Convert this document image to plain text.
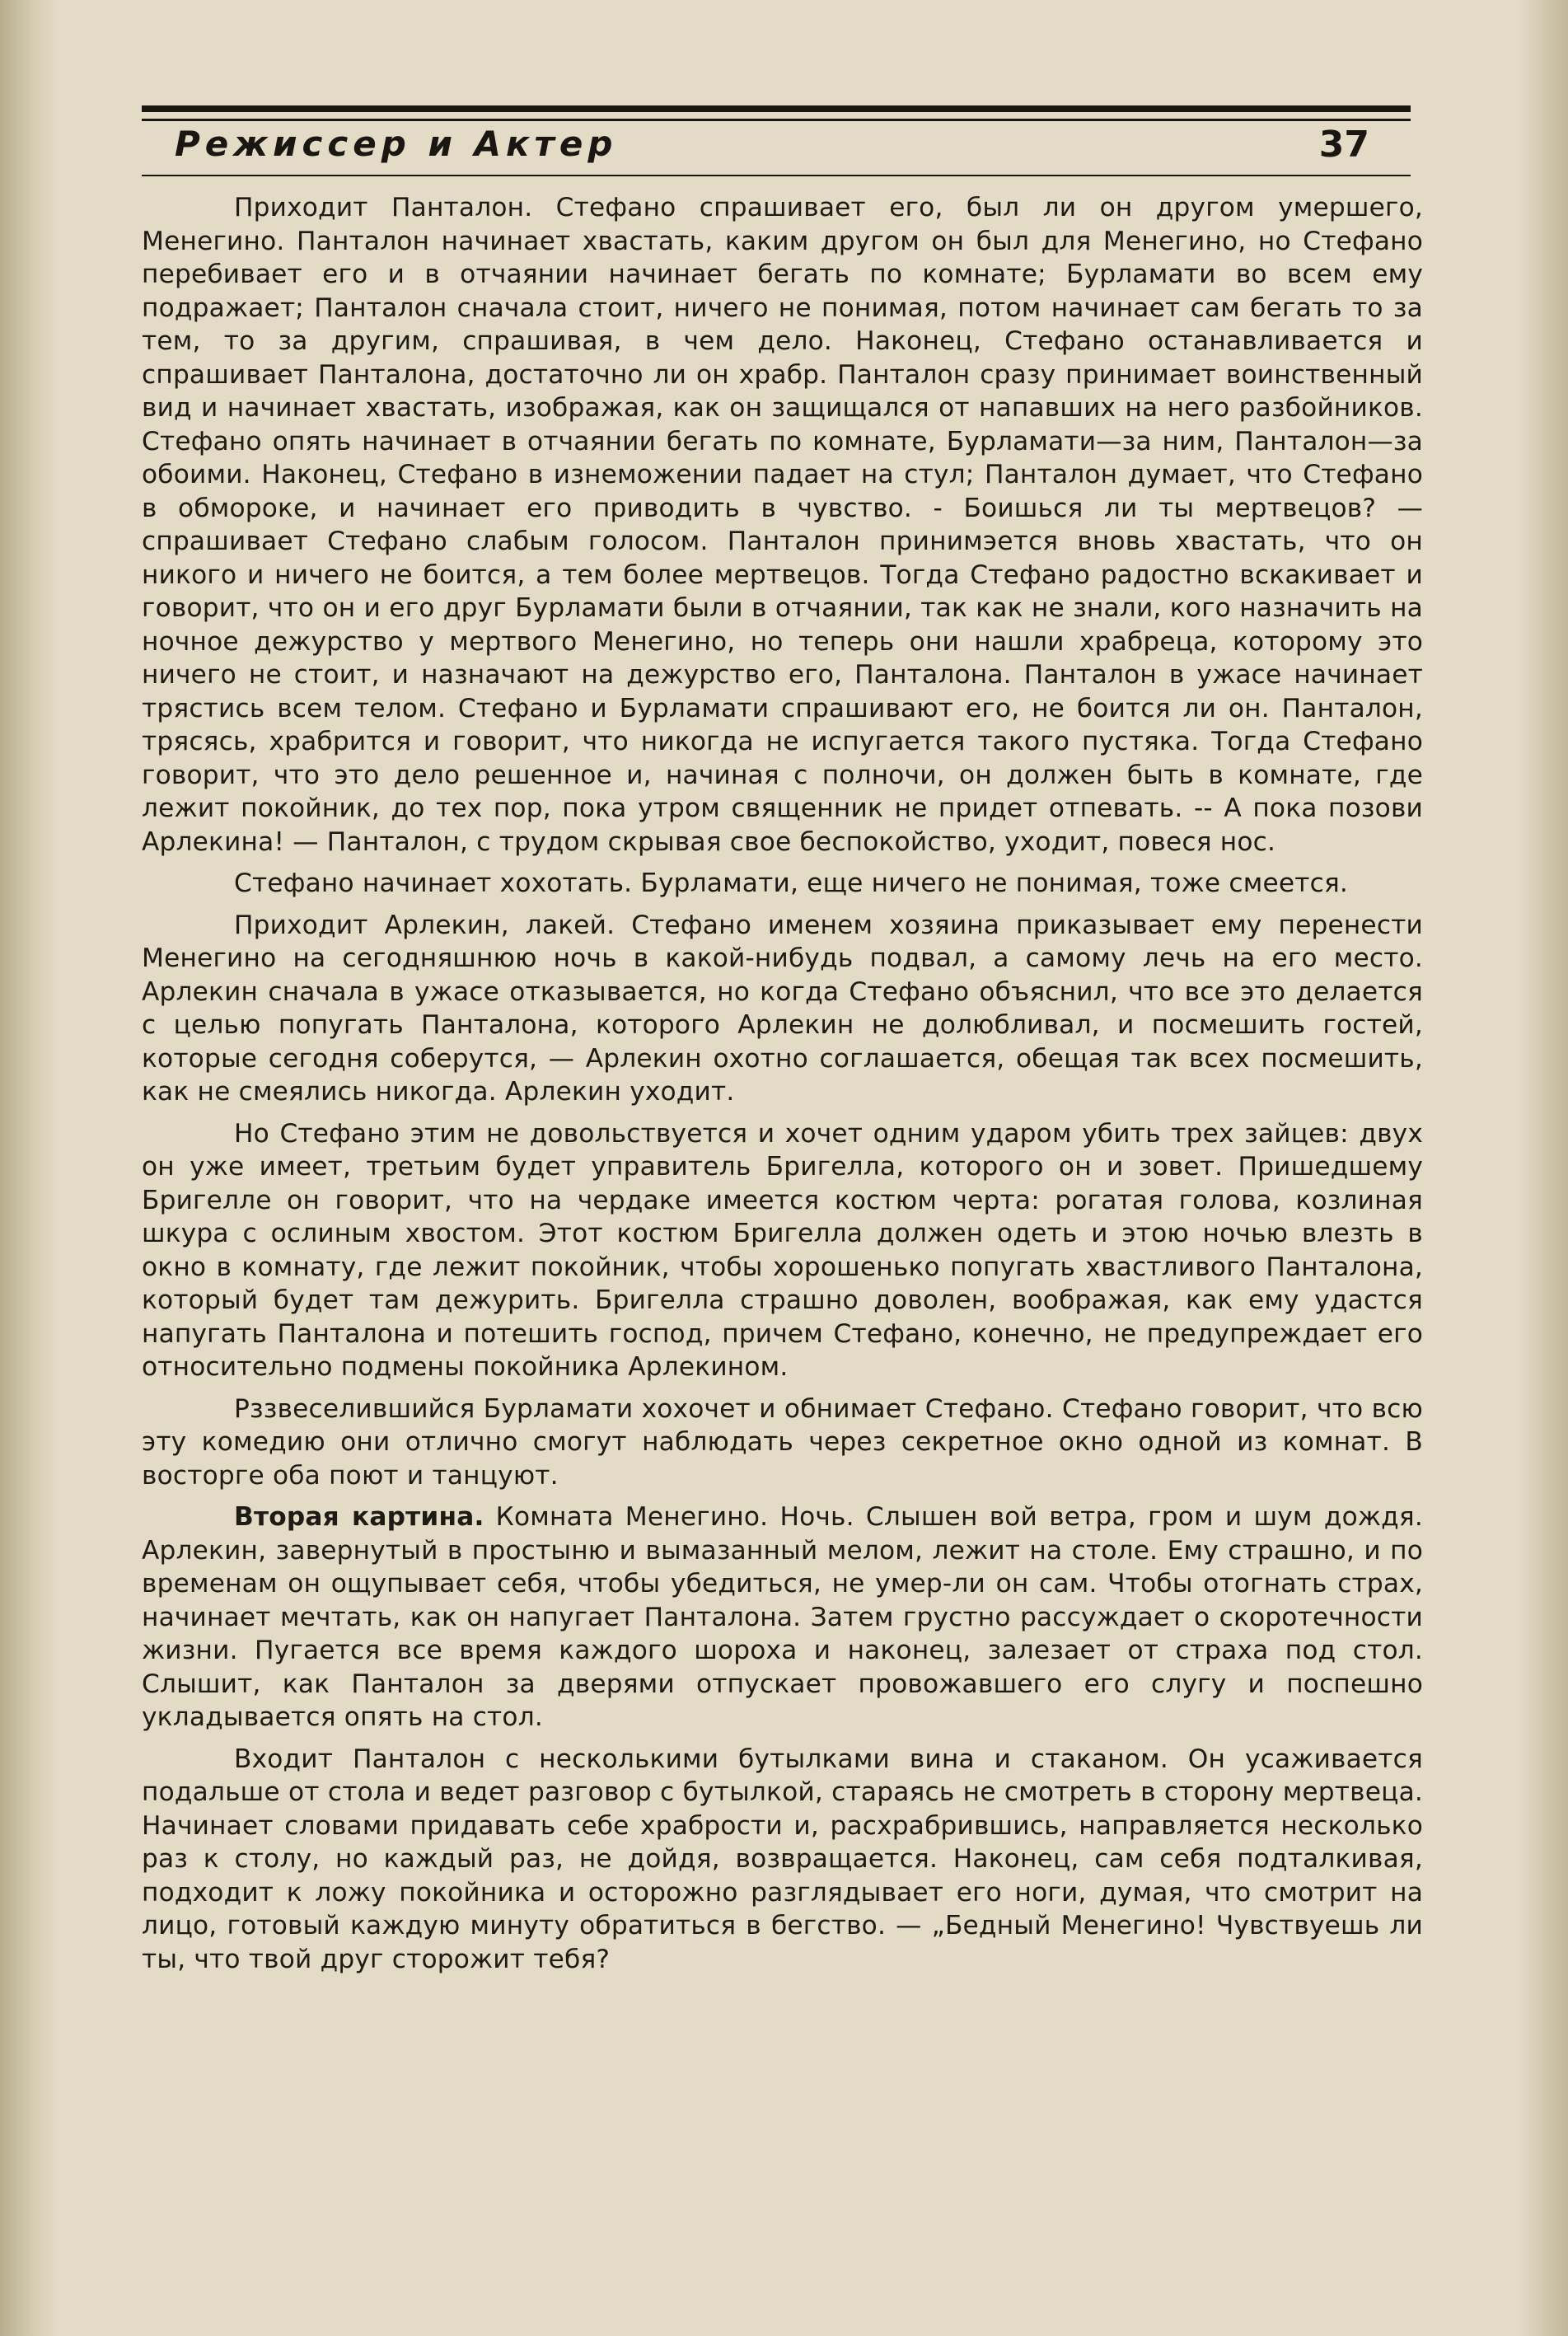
Режиссер и Актер	37

Приходит Панталон. Стефано спрашивает его, был ли он другом умершего, Менегино. Панталон начинает хвастать, каким другом он был для Менегино, но Стефано перебивает его и в отчаянии начинает бегать по комнате; Бурламати во всем ему подражает; Панталон сначала стоит, ничего не понимая, потом начинает сам бегать то за тем, то за другим, спрашивая, в чем дело. Наконец, Стефано останавливается и спрашивает Панталона, достаточно ли он храбр. Панталон сразу принимает воинственный вид и начинает хвастать, изображая, как он защищался от напавших на него разбойников. Стефано опять начинает в отчаянии бегать по комнате, Бурламати—за ним, Панталон—за обоими. Наконец, Стефано в изнеможении падает на стул; Панталон думает, что Стефано в обмороке, и начинает его приводить в чувство. - Боишься ли ты мертвецов? — спрашивает Стефано слабым голосом. Панталон принимэется вновь хвастать, что он никого и ничего не боится, а тем более мертвецов. Тогда Стефано радостно вскакивает и говорит, что он и его друг Бурламати были в отчаянии, так как не знали, кого назначить на ночное дежурство у мертвого Менегино, но теперь они нашли храбреца, которому это ничего не стоит, и назначают на дежурство его, Панталона. Панталон в ужасе начинает трястись всем телом. Стефано и Бурламати спрашивают его, не боится ли он. Панталон, трясясь, храбрится и говорит, что никогда не испугается такого пустяка. Тогда Стефано говорит, что это дело решенное и, начиная с полночи, он должен быть в комнате, где лежит покойник, до тех пор, пока утром священник не придет отпевать. -- А пока позови Арлекина! — Панталон, с трудом скрывая свое беспокойство, уходит, повеся нос.

Стефано начинает хохотать. Бурламати, еще ничего не понимая, тоже смеется.

Приходит Арлекин, лакей. Стефано именем хозяина приказывает ему перенести Менегино на сегодняшнюю ночь в какой-нибудь подвал, а самому лечь на его место. Арлекин сначала в ужасе отказывается, но когда Стефано объяснил, что все это делается с целью попугать Панталона, которого Арлекин не долюбливал, и посмешить гостей, которые сегодня соберутся, — Арлекин охотно соглашается, обещая так всех посмешить, как не смеялись никогда. Арлекин уходит.

Но Стефано этим не довольствуется и хочет одним ударом убить трех зайцев: двух он уже имеет, третьим будет управитель Бригелла, которого он и зовет. Пришедшему Бригелле он говорит, что на чердаке имеется костюм черта: рогатая голова, козлиная шкура с ослиным хвостом. Этот костюм Бригелла должен одеть и этою ночью влезть в окно в комнату, где лежит покойник, чтобы хорошенько попугать хвастливого Панталона, который будет там дежурить. Бригелла страшно доволен, воображая, как ему удастся напугать Панталона и потешить господ, причем Стефано, конечно, не предупреждает его относительно подмены покойника Арлекином.

Рззвеселившийся Бурламати хохочет и обнимает Стефано. Стефано говорит, что всю эту комедию они отлично смогут наблюдать через секретное окно одной из комнат. В восторге оба поют и танцуют.

Вторая картина. Комната Менегино. Ночь. Слышен вой ветра, гром и шум дождя. Арлекин, завернутый в простыню и вымазанный мелом, лежит на столе. Ему страшно, и по временам он ощупывает себя, чтобы убедиться, не умер-ли он сам. Чтобы отогнать страх, начинает мечтать, как он напугает Панталона. Затем грустно рассуждает о скоротечности жизни. Пугается все время каждого шороха и наконец, залезает от страха под стол. Слышит, как Панталон за дверями отпускает провожавшего его слугу и поспешно укладывается опять на стол.

Входит Панталон с несколькими бутылками вина и стаканом. Он усаживается подальше от стола и ведет разговор с бутылкой, стараясь не смотреть в сторону мертвеца. Начинает словами придавать себе храбрости и, расхрабрившись, направляется несколько раз к столу, но каждый раз, не дойдя, возвращается. Наконец, сам себя подталкивая, подходит к ложу покойника и осторожно разглядывает его ноги, думая, что смотрит на лицо, готовый каждую минуту обратиться в бегство. — „Бедный Менегино! Чувствуешь ли ты, что твой друг сторожит тебя?
